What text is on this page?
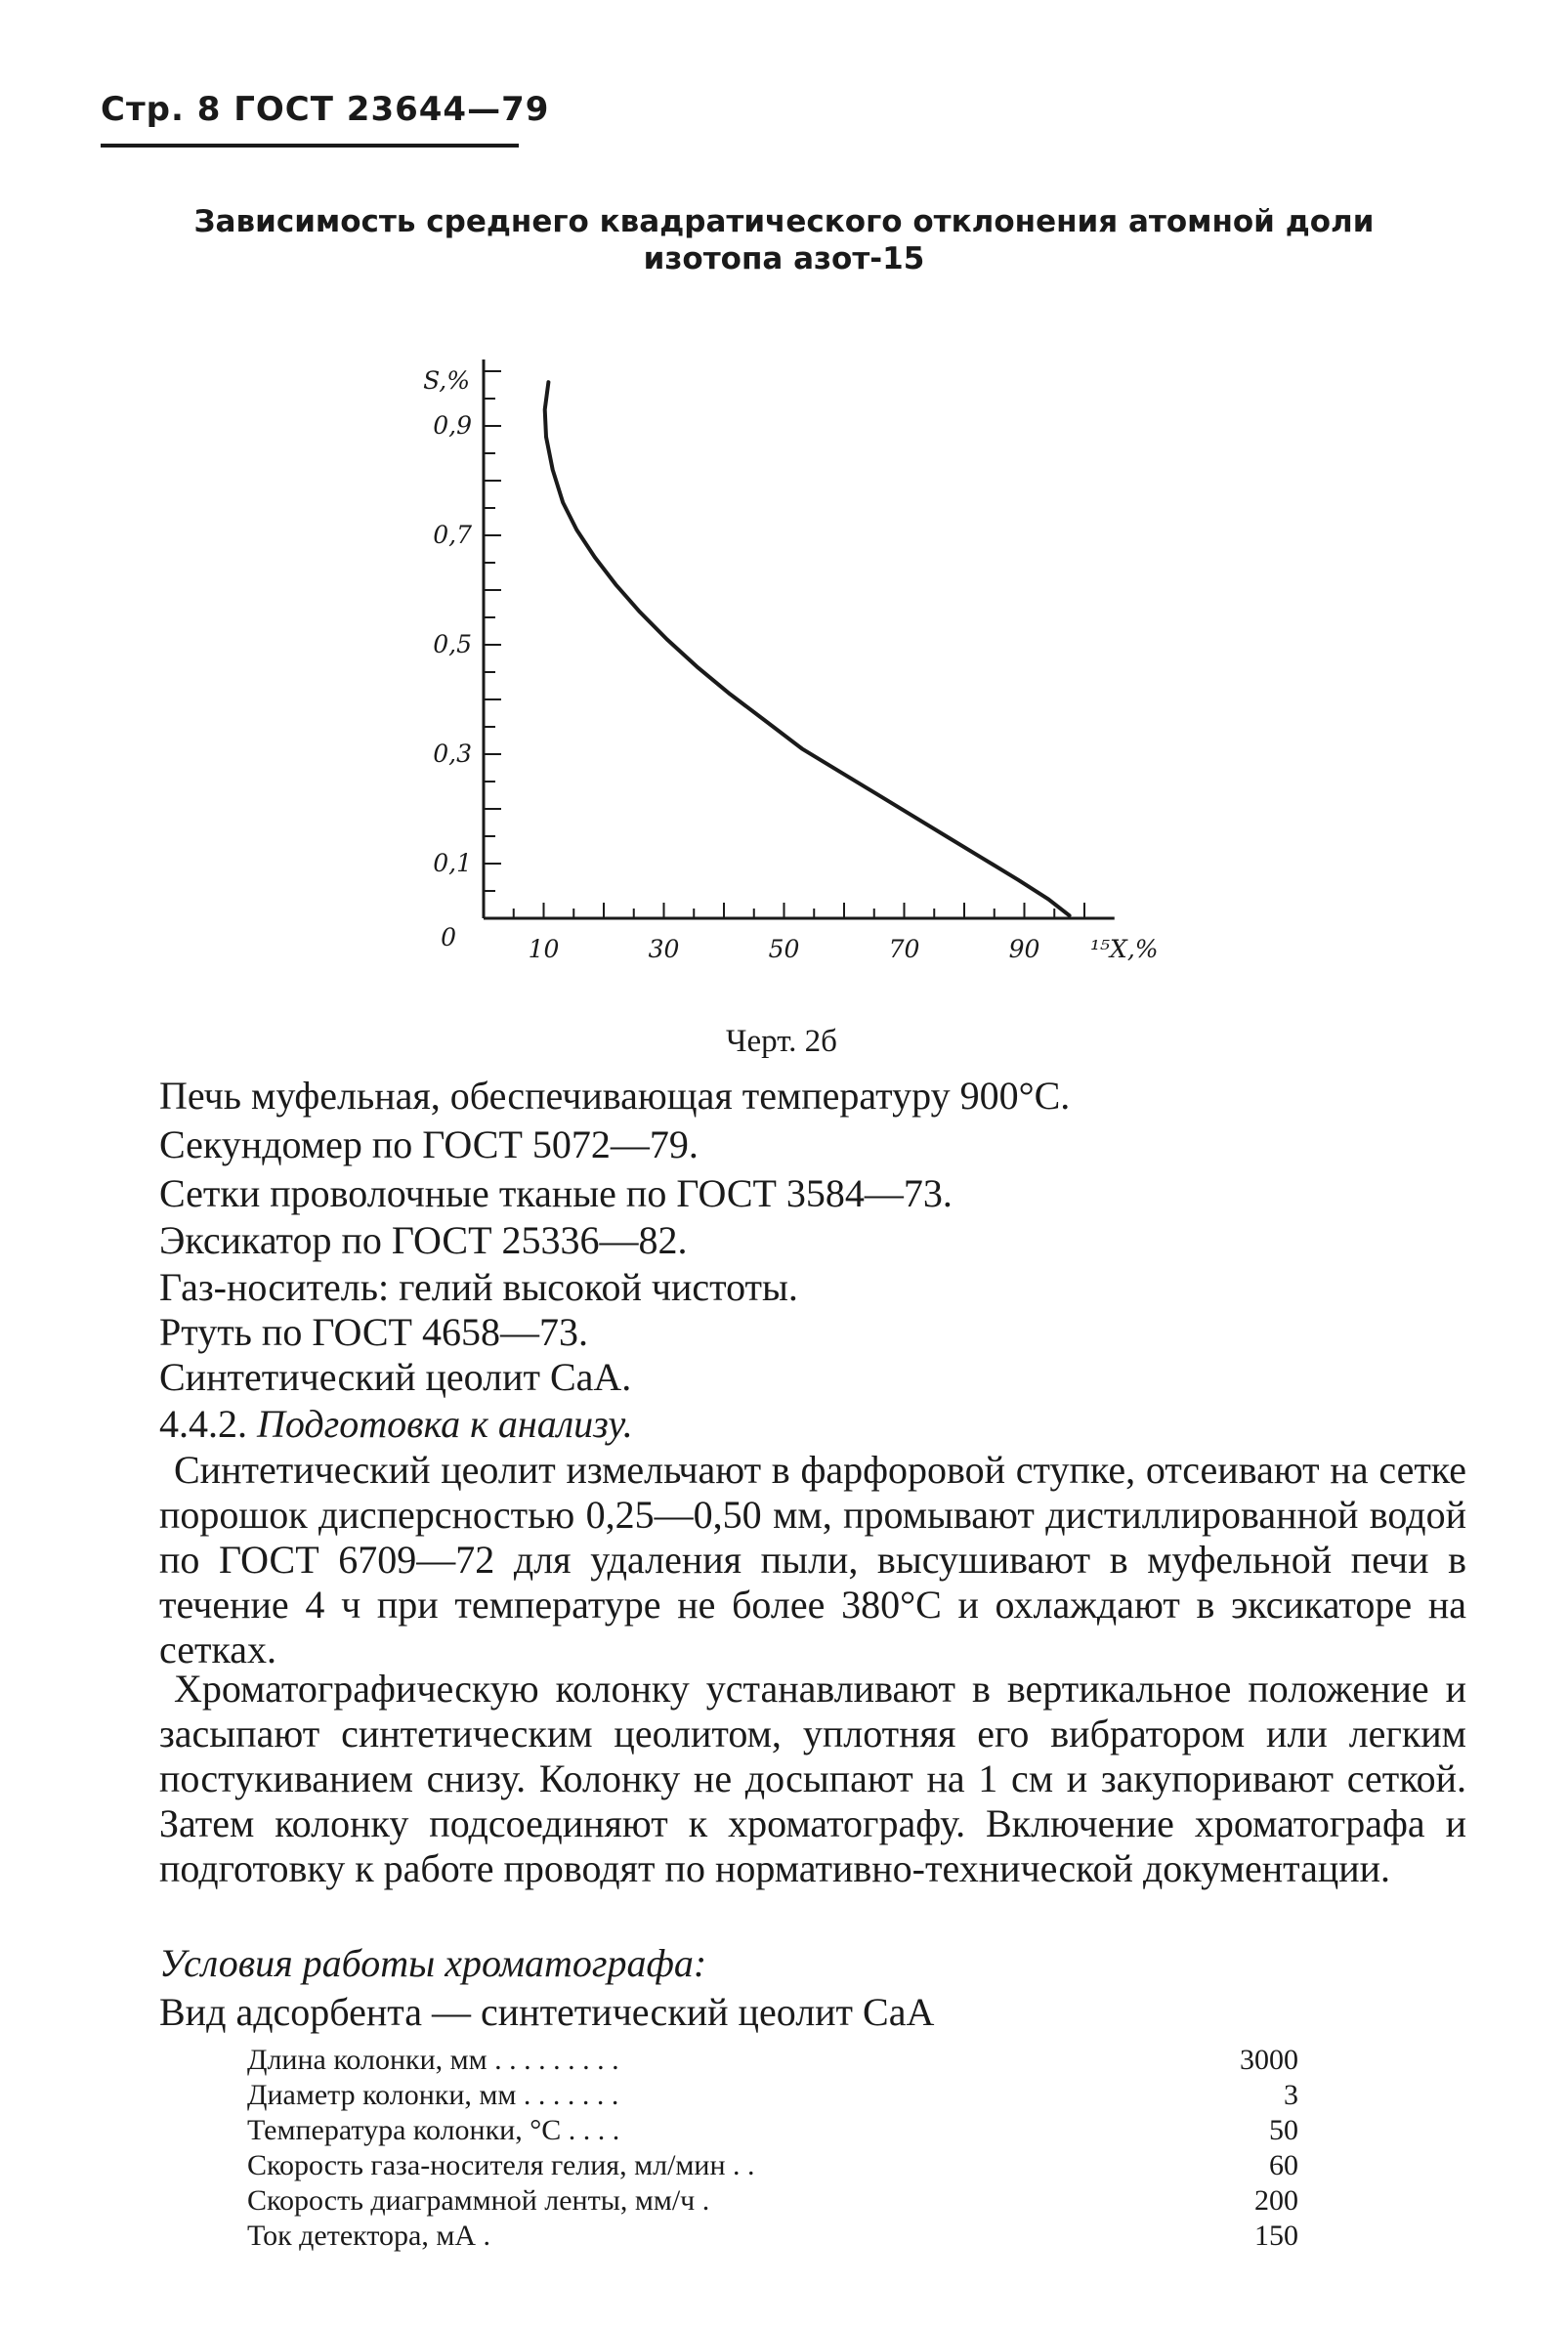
Стр. 8 ГОСТ 23644—79
Зависимость среднего квадратического отклонения атомной доли
изотопа азот-15
0,1
0,3
0,5
0,7
0,9
10	30	50	70	90
S,%
¹⁵X,%
0
Черт. 2б
Печь муфельная, обеспечивающая температуру 900°С.
Секундомер по ГОСТ 5072—79.
Сетки проволочные тканые по ГОСТ 3584—73.
Эксикатор по ГОСТ 25336—82.
Газ-носитель: гелий высокой чистоты.
Ртуть по ГОСТ 4658—73.
Синтетический цеолит СаА.
4.4.2. Подготовка к анализу.
Синтетический цеолит измельчают в фарфоровой ступке, отсеивают на сетке порошок дисперсностью 0,25—0,50 мм, промывают дистиллированной водой по ГОСТ 6709—72 для удаления пыли, высушивают в муфельной печи в течение 4 ч при температуре не более 380°С и охлаждают в эксикаторе на сетках.
Хроматографическую колонку устанавливают в вертикальное положение и засыпают синтетическим цеолитом, уплотняя его вибратором или легким постукиванием снизу. Колонку не досыпают на 1 см и закупоривают сеткой. Затем колонку подсоединяют к хроматографу. Включение хроматографа и подготовку к работе проводят по нормативно-технической документации.
Условия работы хроматографа:
Вид адсорбента — синтетический цеолит СаА
Длина колонки, мм . . . . . . . . .	3000
Диаметр колонки, мм . . . . . . .	3
Температура колонки, °С . . . .	50
Скорость газа-носителя гелия, мл/мин . .	60
Скорость диаграммной ленты, мм/ч .	200
Ток детектора, мА .	150
